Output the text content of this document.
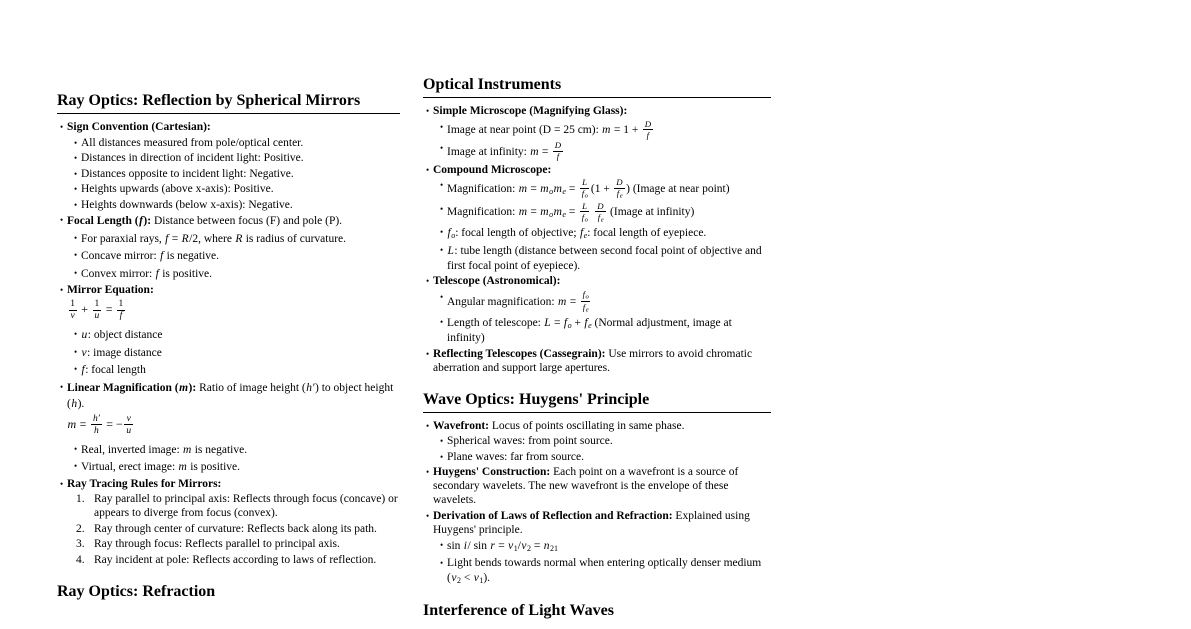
Ray Optics: Reflection by Spherical Mirrors
• Sign Convention (Cartesian):
• All distances measured from pole/optical center.
• Distances in direction of incident light: Positive.
• Distances opposite to incident light: Negative.
• Heights upwards (above x-axis): Positive.
• Heights downwards (below x-axis): Negative.
• Focal Length (f): Distance between focus (F) and pole (P).
• For paraxial rays, f = R/2, where R is radius of curvature.
• Concave mirror: f is negative.
• Convex mirror: f is positive.
• Mirror Equation:
$\frac{1}{v} + \frac{1}{u} = \frac{1}{f}$
• u: object distance
• v: image distance
• f: focal length
• Linear Magnification (m): Ratio of image height (h′) to object height (h).
$m = \frac{h'}{h}$ = − $\frac{v}{u}$
• Real, inverted image: m is negative.
• Virtual, erect image: m is positive.
• Ray Tracing Rules for Mirrors:
1. Ray parallel to principal axis: Reflects through focus (concave) or appears to diverge from focus (convex).
2. Ray through center of curvature: Reflects back along its path.
3. Ray through focus: Reflects parallel to principal axis.
4. Ray incident at pole: Reflects according to laws of reflection.
Ray Optics: Refraction
Optical Instruments
• Simple Microscope (Magnifying Glass):
• Image at near point (D = 25 cm): $m = 1 + \frac{D}{f}$
• Image at infinity: $m = \frac{D}{f}$
• Compound Microscope:
• Magnification: $m = m_om_e = \frac{L}{f_o} (1 + \frac{D}{f_e}$ ) (Image at near point)
• Magnification: $m = m_om_e = \frac{L}{f_o}$
$\frac{D}{f_e}$ (Image at infinity)
• $f_o$: focal length of objective; $f_e$: focal length of eyepiece.
• L: tube length (distance between second focal point of objective and first focal point of eyepiece).
• Telescope (Astronomical):
• Angular magnification: $m = \frac{f_o}{f_e}$
• Length of telescope: $L = f_o + f_e$ (Normal adjustment, image at infinity)
• Reflecting Telescopes (Cassegrain): Use mirrors to avoid chromatic aberration and support large apertures.
Wave Optics: Huygens' Principle
• Wavefront: Locus of points oscillating in same phase.
• Spherical waves: from point source.
• Plane waves: far from source.
• Huygens' Construction: Each point on a wavefront is a source of secondary wavelets. The new wavefront is the envelope of these wavelets.
• Derivation of Laws of Reflection and Refraction: Explained using Huygens' principle.
• sin i/ $\sin r = v_1/v_2 = n_{21}$
• Light bends towards normal when entering optically denser medium $(v_2 < v_1)$.
Interference of Light Waves
